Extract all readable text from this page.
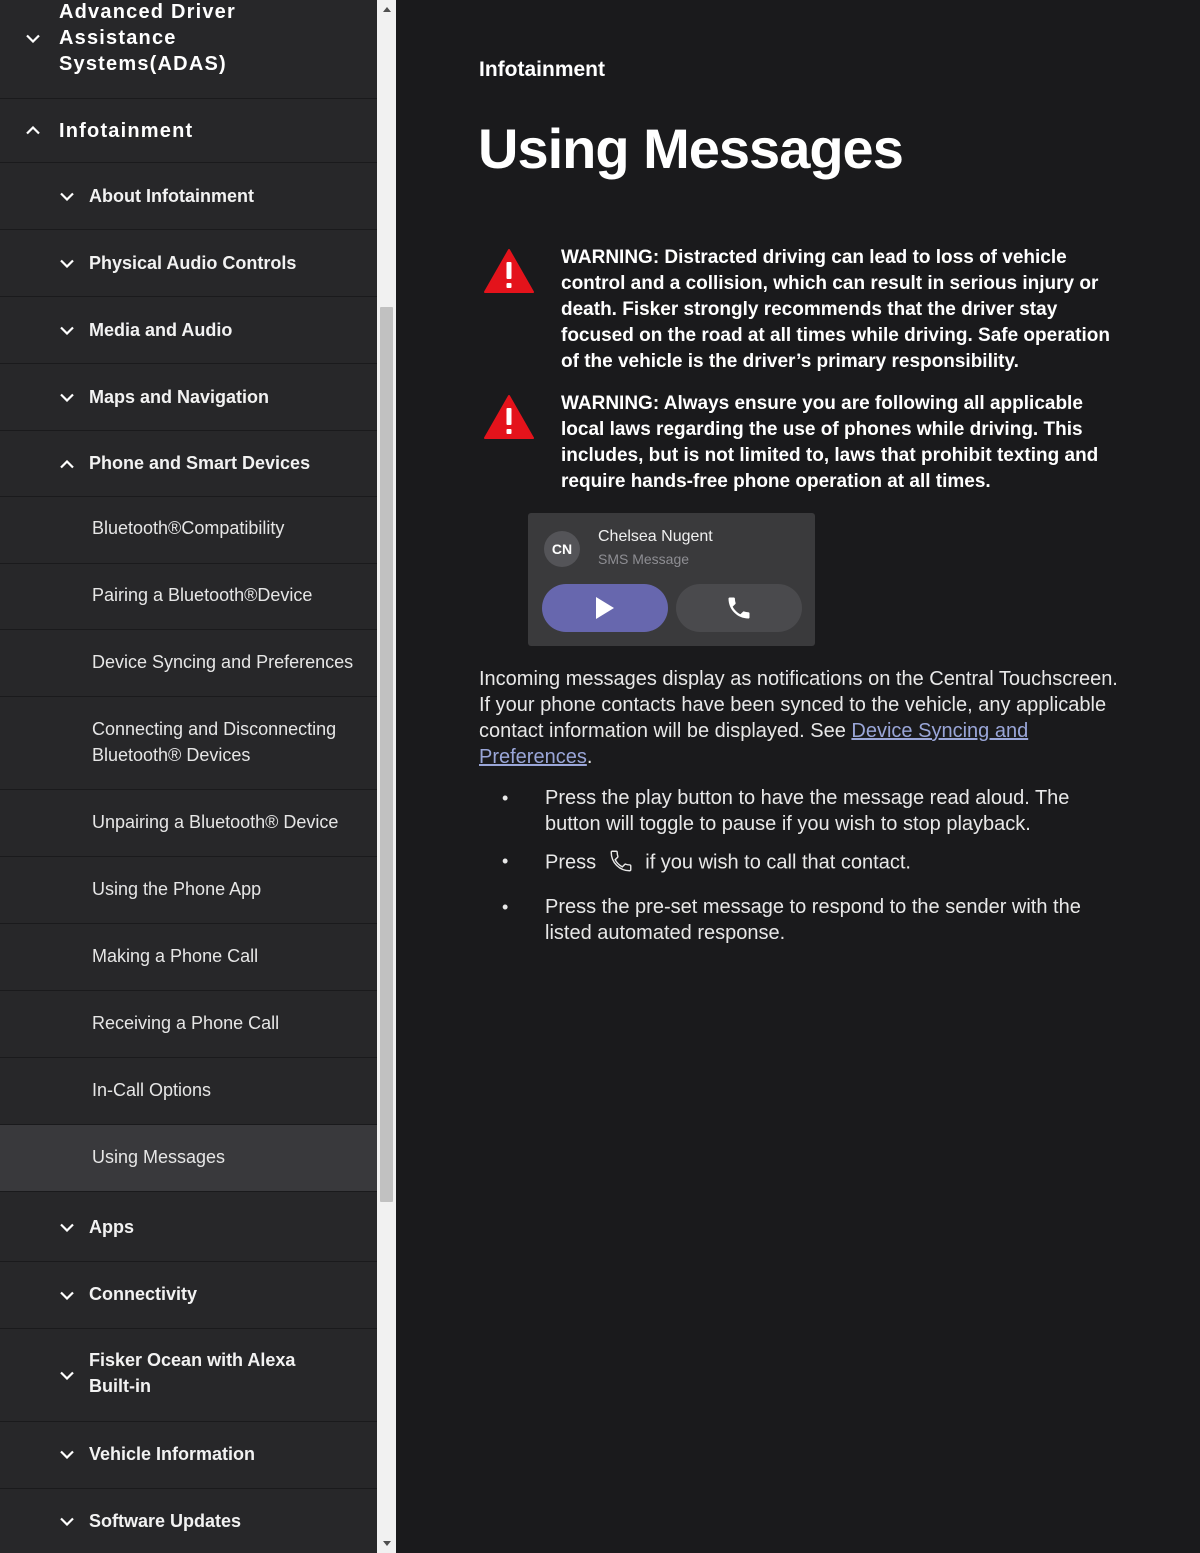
Advanced Driver
Assistance
Systems(ADAS)
Infotainment
About Infotainment
Physical Audio Controls
Media and Audio
Maps and Navigation
Phone and Smart Devices
Bluetooth®Compatibility
Pairing a Bluetooth®Device
Device Syncing and Preferences
Connecting and Disconnecting
Bluetooth® Devices
Unpairing a Bluetooth® Device
Using the Phone App
Making a Phone Call
Receiving a Phone Call
In-Call Options
Using Messages
Apps
Connectivity
Fisker Ocean with Alexa
Built-in
Vehicle Information
Software Updates
Infotainment
Using Messages
WARNING: Distracted driving can lead to loss of vehicle control and a collision, which can result in serious injury or death. Fisker strongly recommends that the driver stay focused on the road at all times while driving. Safe operation of the vehicle is the driver’s primary responsibility.
WARNING: Always ensure you are following all applicable local laws regarding the use of phones while driving. This includes, but is not limited to, laws that prohibit texting and require hands-free phone operation at all times.
CN
Chelsea Nugent
SMS Message

Incoming messages display as notifications on the Central Touchscreen. If your phone contacts have been synced to the vehicle, any applicable contact information will be displayed. See Device Syncing and Preferences.

• Press the play button to have the message read aloud. The button will toggle to pause if you wish to stop playback.
• Press if you wish to call that contact.
• Press the pre-set message to respond to the sender with the listed automated response.
